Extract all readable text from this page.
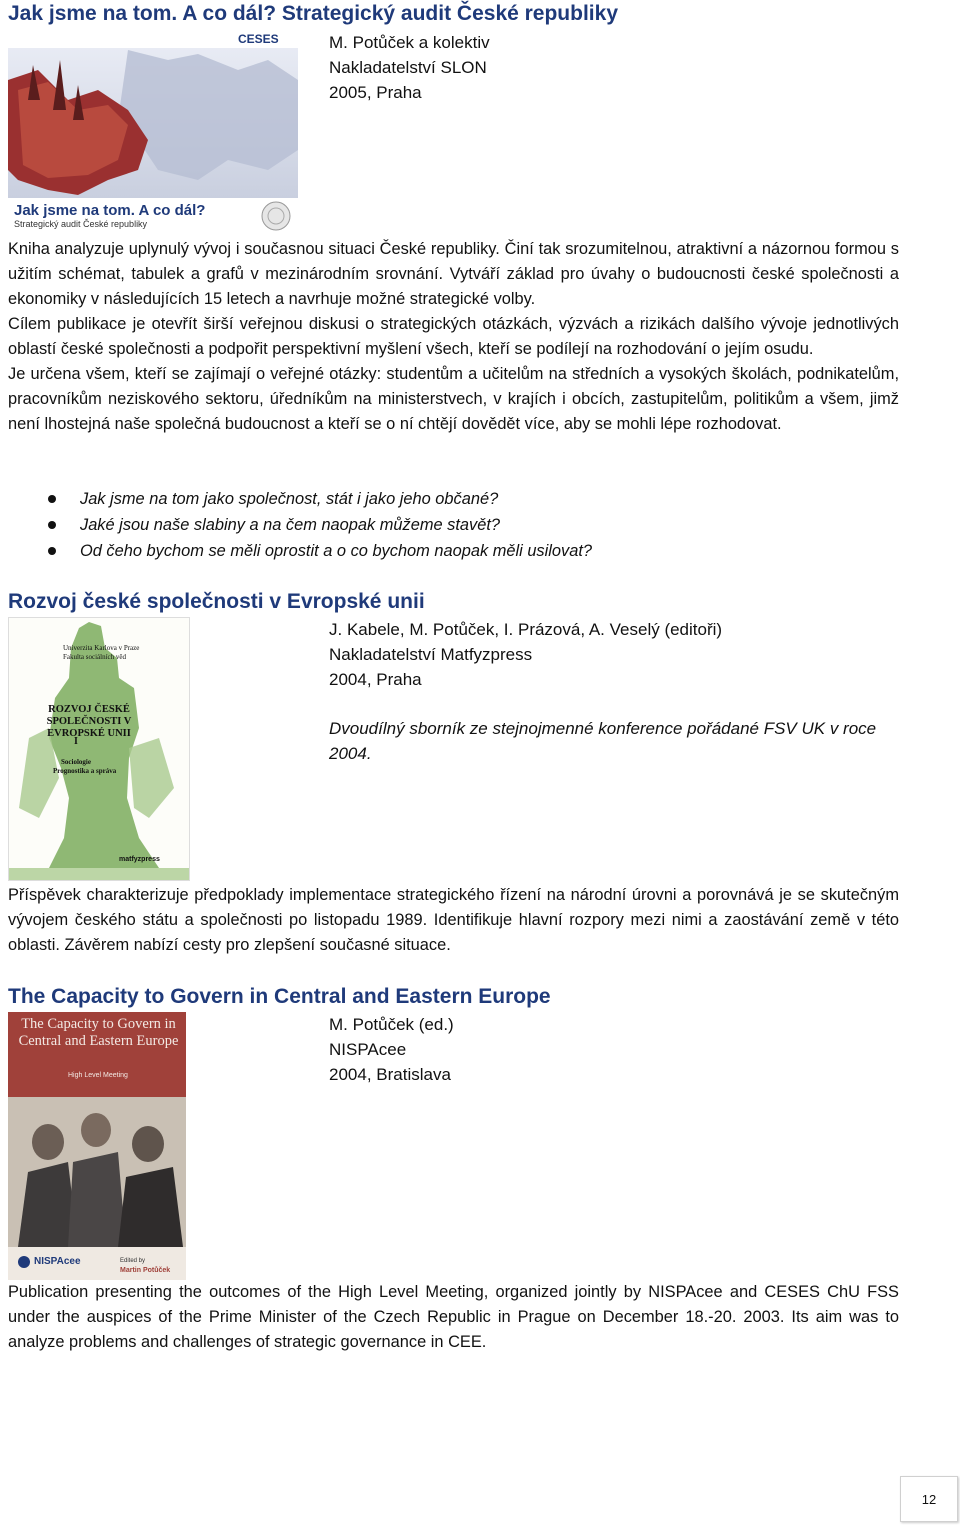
Jak jsme na tom. A co dál? Strategický audit České republiky
CESES
Jak jsme na tom. A co dál?
Strategický audit České republiky
M. Potůček a kolektiv
Nakladatelství SLON
2005, Praha

Kniha analyzuje uplynulý vývoj i současnou situaci České republiky. Činí tak srozumitelnou, atraktivní a názornou formou s užitím schémat, tabulek a grafů v mezinárodním srovnání. Vytváří základ pro úvahy o budoucnosti české společnosti a ekonomiky v následujících 15 letech a navrhuje možné strategické volby.

Cílem publikace je otevřít širší veřejnou diskusi o strategických otázkách, výzvách a rizikách dalšího vývoje jednotlivých oblastí české společnosti a podpořit perspektivní myšlení všech, kteří se podílejí na rozhodování o jejím osudu.

Je určena všem, kteří se zajímají o veřejné otázky: studentům a učitelům na středních a vysokých školách, podnikatelům, pracovníkům neziskového sektoru, úředníkům na ministerstvech, v krajích i obcích, zastupitelům, politikům a všem, jimž není lhostejná naše společná budoucnost a kteří se o ní chtějí dovědět více, aby se mohli lépe rozhodovat.

Jak jsme na tom jako společnost, stát i jako jeho občané?
Jaké jsou naše slabiny a na čem naopak můžeme stavět?
Od čeho bychom se měli oprostit a o co bychom naopak měli usilovat?
Rozvoj české společnosti v Evropské unii
Univerzita Karlova v Praze
Fakulta sociálních věd
ROZVOJ ČESKÉ SPOLEČNOSTI V EVROPSKÉ UNII
I
Sociologie
Prognostika a správa
matfyzpress
J. Kabele, M. Potůček, I. Prázová, A. Veselý (editoři)
Nakladatelství Matfyzpress
2004, Praha
Dvoudílný sborník ze stejnojmenné konference pořádané FSV UK v roce 2004.
Příspěvek charakterizuje předpoklady implementace strategického řízení na národní úrovni a porovnává je se skutečným vývojem českého státu a společnosti po listopadu 1989. Identifikuje hlavní rozpory mezi nimi a zaostávání země v této oblasti. Závěrem nabízí cesty pro zlepšení současné situace.
The Capacity to Govern in Central and Eastern Europe
The Capacity to Govern in Central and Eastern Europe
High Level Meeting
NISPAcee	Edited by
Martin Potůček
M. Potůček (ed.)
NISPAcee
2004, Bratislava
Publication presenting the outcomes of the High Level Meeting, organized jointly by NISPAcee and CESES ChU FSS under the auspices of the Prime Minister of the Czech Republic in Prague on December 18.-20. 2003. Its aim was to analyze problems and challenges of strategic governance in CEE.
12
